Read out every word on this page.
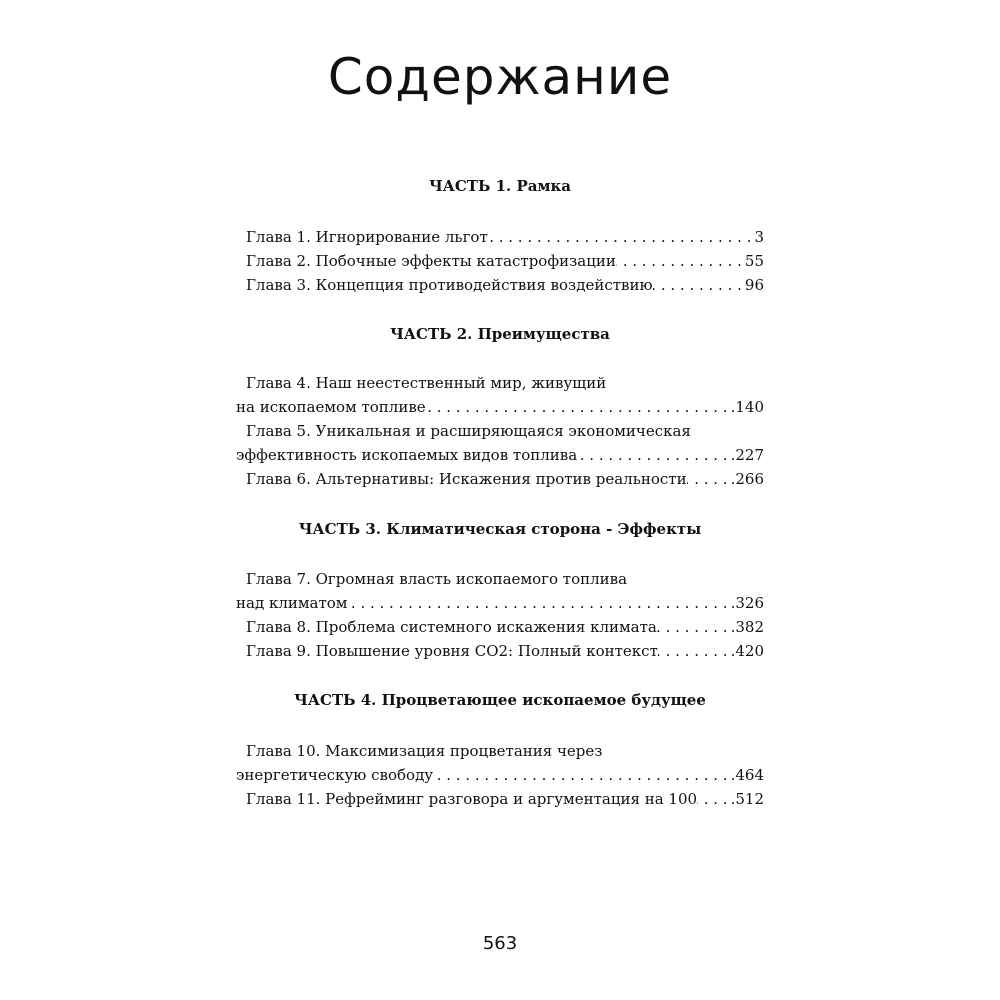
Содержание
ЧАСТЬ 1. Рамка
Глава 1. Игнорирование льгот . . .	3
Глава 2. Побочные эффекты катастрофизации . . .	55
Глава 3. Концепция противодействия воздействию . . .	96
ЧАСТЬ 2. Преимущества
Глава 4. Наш неестественный мир, живущий
на ископаемом топливе . . .	.140
Глава 5. Уникальная и расширяющаяся экономическая
эффективность ископаемых видов топлива . . .	.227
Глава 6. Альтернативы: Искажения против реальности . . .	.266
ЧАСТЬ 3. Климатическая сторона - Эффекты
Глава 7. Огромная власть ископаемого топлива
над климатом . . .	.326
Глава 8. Проблема системного искажения климата . . .	.382
Глава 9. Повышение уровня CO2: Полный контекст . . .	.420
ЧАСТЬ 4. Процветающее ископаемое будущее
Глава 10. Максимизация процветания через
энергетическую свободу . . .	.464
Глава 11. Рефрейминг разговора и аргументация на 100 . . . .512
563
